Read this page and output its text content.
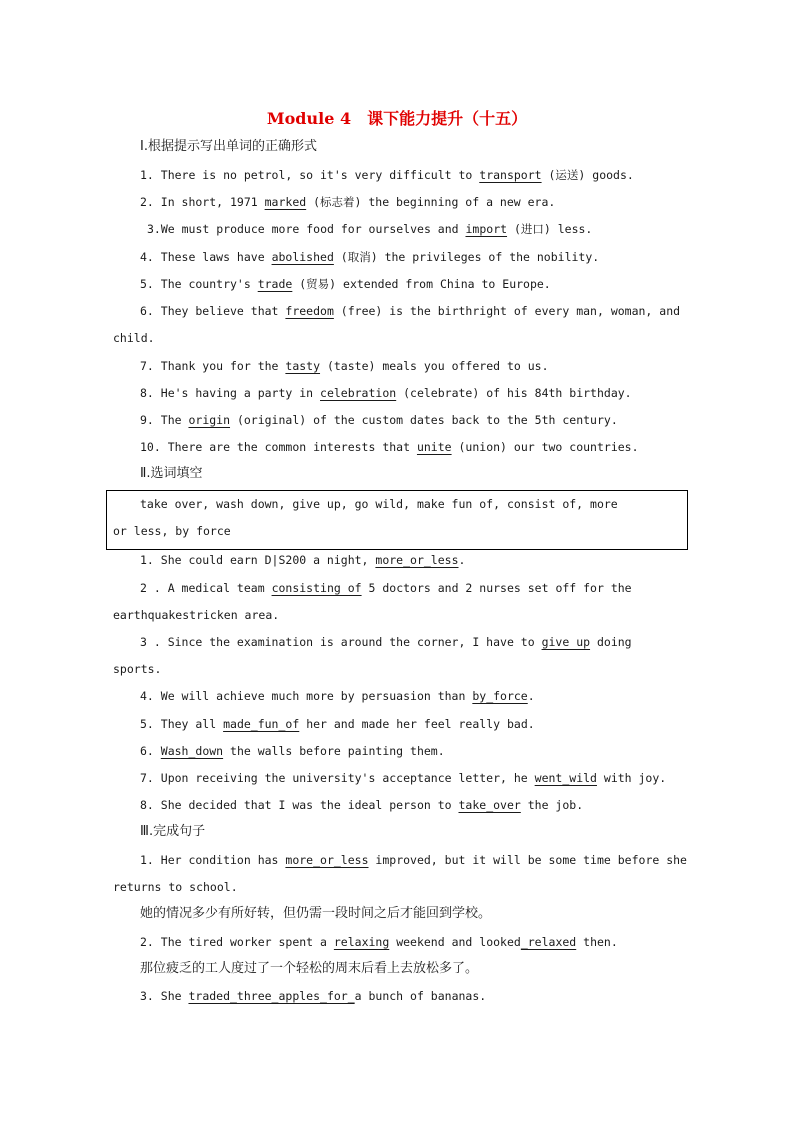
Module 4　课下能力提升（十五）
Ⅰ.根据提示写出单词的正确形式
1. There is no petrol, so it's very difficult to transport (运送) goods.
2. In short, 1971 marked (标志着) the beginning of a new era.
3.We must produce more food for ourselves and import (进口) less.
4. These laws have abolished (取消) the privileges of the nobility.
5. The country's trade (贸易) extended from China to Europe.
6. They believe that freedom (free) is the birthright of every man, woman, and
child.
7. Thank you for the tasty (taste) meals you offered to us.
8. He's having a party in celebration (celebrate) of his 84th birthday.
9. The origin (original) of the custom dates back to the 5th century.
10. There are the common interests that unite (union) our two countries.
Ⅱ.选词填空
take over, wash down, give up, go wild, make fun of, consist of, more
or less, by force
1. She could earn D|S200 a night, more_or_less.
2 . A medical team consisting of 5 doctors and 2 nurses set off for the
earthquakestricken area.
3 . Since the examination is around the corner, I have to give up doing
sports.
4. We will achieve much more by persuasion than by_force.
5. They all made_fun_of her and made her feel really bad.
6. Wash_down the walls before painting them.
7. Upon receiving the university's acceptance letter, he went_wild with joy.
8. She decided that I was the ideal person to take_over the job.
Ⅲ.完成句子
1. Her condition has more_or_less improved, but it will be some time before she
returns to school.
她的情况多少有所好转，但仍需一段时间之后才能回到学校。
2. The tired worker spent a relaxing weekend and looked_relaxed then.
那位疲乏的工人度过了一个轻松的周末后看上去放松多了。
3. She traded_three_apples_for_a bunch of bananas.
